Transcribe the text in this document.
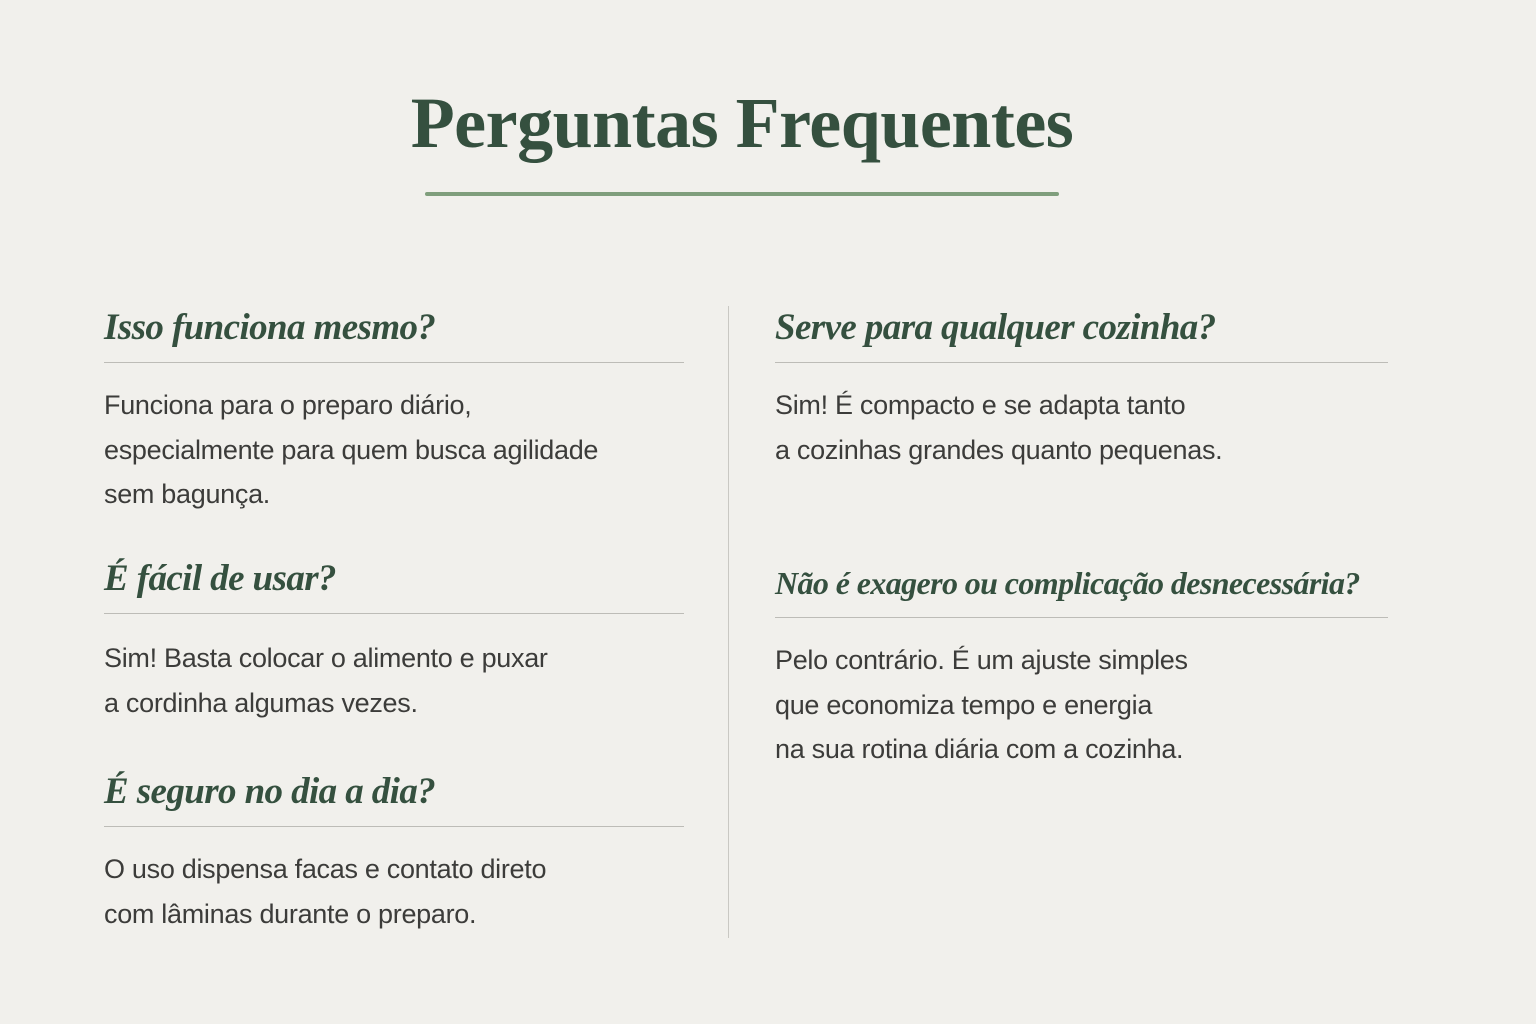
Perguntas Frequentes
Isso funciona mesmo?

Funciona para o preparo diário,
especialmente para quem busca agilidade
sem bagunça.

É fácil de usar?

Sim! Basta colocar o alimento e puxar
a cordinha algumas vezes.

É seguro no dia a dia?

O uso dispensa facas e contato direto
com lâminas durante o preparo.

Serve para qualquer cozinha?

Sim! É compacto e se adapta tanto
a cozinhas grandes quanto pequenas.

Não é exagero ou complicação desnecessária?

Pelo contrário. É um ajuste simples
que economiza tempo e energia
na sua rotina diária com a cozinha.
